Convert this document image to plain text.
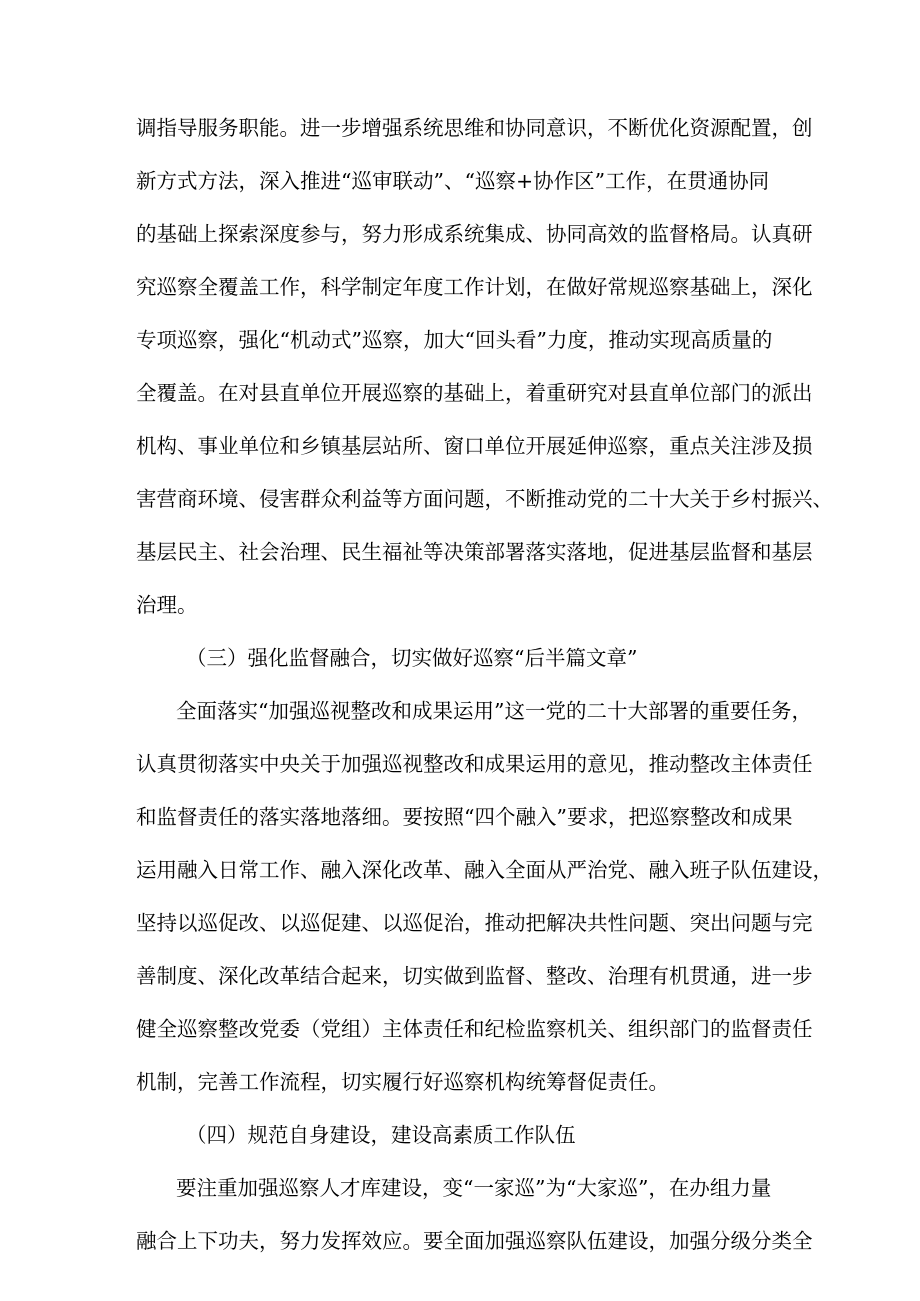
调指导服务职能。进一步增强系统思维和协同意识，不断优化资源配置，创
新方式方法，深入推进“巡审联动”、“巡察+协作区”工作，在贯通协同
的基础上探索深度参与，努力形成系统集成、协同高效的监督格局。认真研
究巡察全覆盖工作，科学制定年度工作计划，在做好常规巡察基础上，深化
专项巡察，强化“机动式”巡察，加大“回头看”力度，推动实现高质量的
全覆盖。在对县直单位开展巡察的基础上，着重研究对县直单位部门的派出
机构、事业单位和乡镇基层站所、窗口单位开展延伸巡察，重点关注涉及损
害营商环境、侵害群众利益等方面问题，不断推动党的二十大关于乡村振兴、
基层民主、社会治理、民生福祉等决策部署落实落地，促进基层监督和基层
治理。
（三）强化监督融合，切实做好巡察“后半篇文章”
全面落实“加强巡视整改和成果运用”这一党的二十大部署的重要任务，
认真贯彻落实中央关于加强巡视整改和成果运用的意见，推动整改主体责任
和监督责任的落实落地落细。要按照“四个融入”要求，把巡察整改和成果
运用融入日常工作、融入深化改革、融入全面从严治党、融入班子队伍建设，
坚持以巡促改、以巡促建、以巡促治，推动把解决共性问题、突出问题与完
善制度、深化改革结合起来，切实做到监督、整改、治理有机贯通，进一步
健全巡察整改党委（党组）主体责任和纪检监察机关、组织部门的监督责任
机制，完善工作流程，切实履行好巡察机构统筹督促责任。
（四）规范自身建设，建设高素质工作队伍
要注重加强巡察人才库建设，变“一家巡”为“大家巡”，在办组力量
融合上下功夫，努力发挥效应。要全面加强巡察队伍建设，加强分级分类全
